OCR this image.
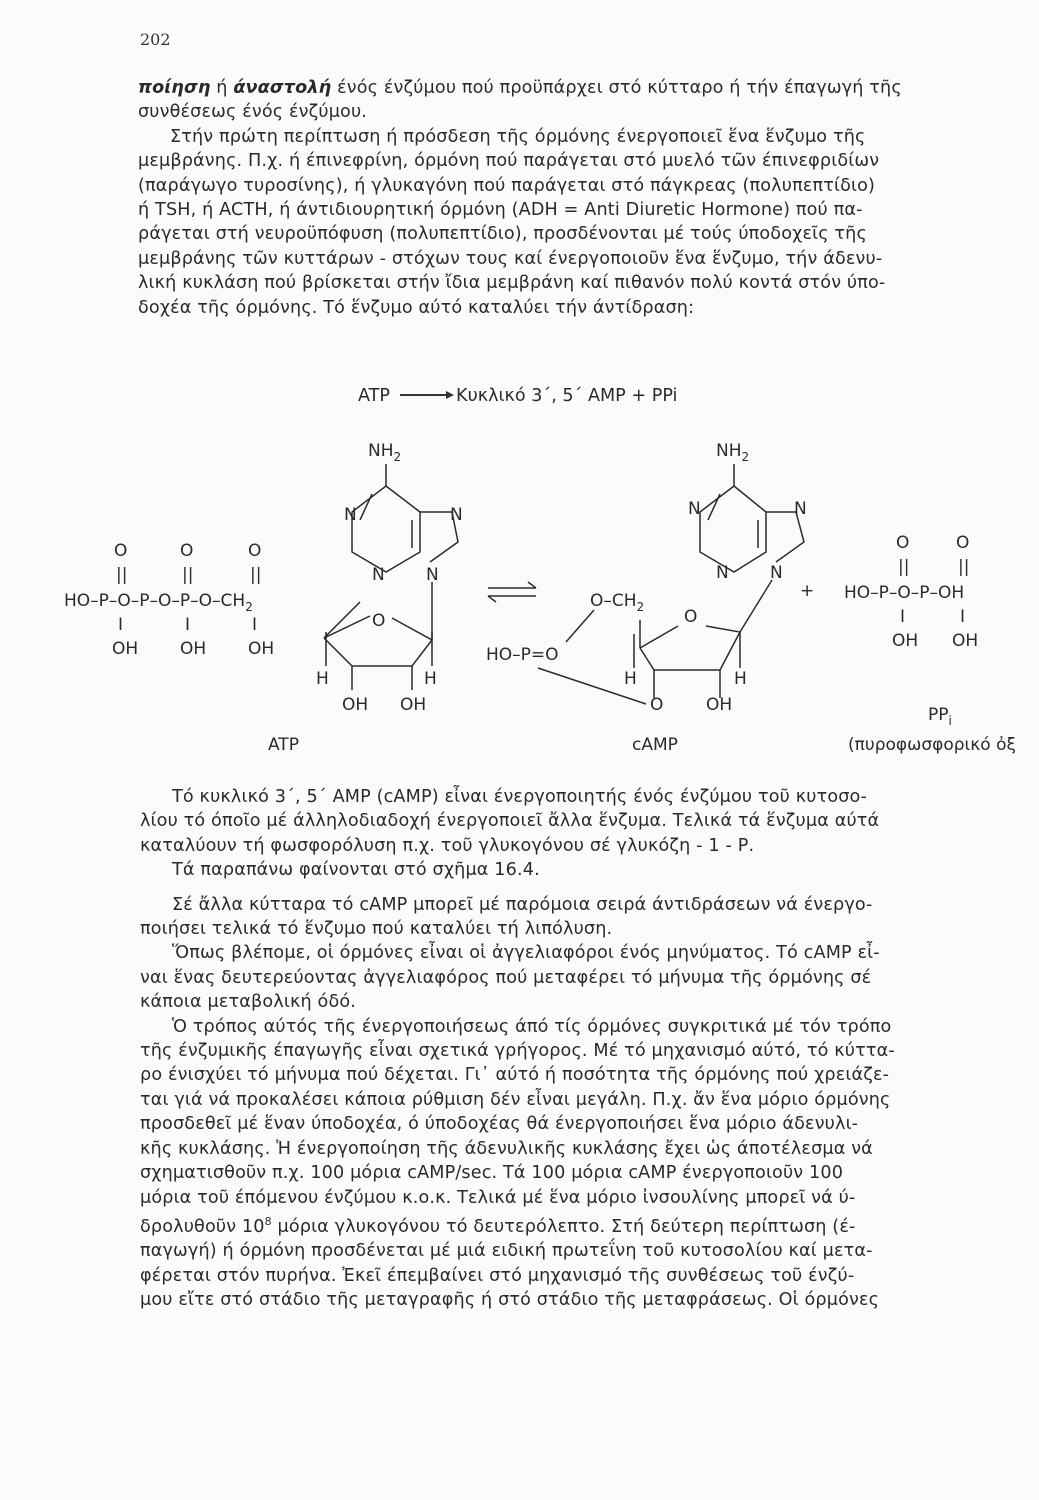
202

ποίηση ή άναστολή ένός ένζύμου πού προϋπάρχει στό κύτταρο ή τήν έπαγωγή τῆς

συνθέσεως ένός ένζύμου.

Στήν πρώτη περίπτωση ή πρόσδεση τῆς όρμόνης ένεργοποιεῖ ἕνα ἕνζυμο τῆς

μεμβράνης. Π.χ. ή έπινεφρίνη, όρμόνη πού παράγεται στό μυελό τῶν έπινεφριδίων

(παράγωγο τυροσίνης), ή γλυκαγόνη πού παράγεται στό πάγκρεας (πολυπεπτίδιο)

ή TSH, ή ACTH, ή άντιδιουρητική όρμόνη (ADH = Anti Diuretic Hormone) πού πα-

ράγεται στή νευροϋπόφυση (πολυπεπτίδιο), προσδένονται μέ τούς ύποδοχεῖς τῆς

μεμβράνης τῶν κυττάρων - στόχων τους καί ένεργοποιοῦν ἕνα ἕνζυμο, τήν άδενυ-

λική κυκλάση πού βρίσκεται στήν ἴδια μεμβράνη καί πιθανόν πολύ κοντά στόν ύπο-

δοχέα τῆς όρμόνης. Τό ἕνζυμο αύτό καταλύει τήν άντίδραση:

ATP → Κυκλικό 3΄, 5΄ AMP + PPi
$NH_2$
N	N
N N
O	O	O
||	||	||
$HO-P-O-P-O-P-O-CH_2$
I	I	I
OH OH OH
O
H	H
OH OH
ATP
$NH_2$
N	N
N N
$O-CH_2$
HO–P=O
O
H	H
O	OH
cAMP
+
O	O
||	||
HO–P–O–P–OH
I	I
OH OH
$PP_i$
(πυροφωσφορικό ὀξ

Τό κυκλικό 3΄, 5΄ AMP (cAMP) εἶναι ένεργοποιητής ένός ένζύμου τοῦ κυτοσο-

λίου τό όποῖο μέ άλληλοδιαδοχή ένεργοποιεῖ ἄλλα ἕνζυμα. Τελικά τά ἕνζυμα αύτά

καταλύουν τή φωσφορόλυση π.χ. τοῦ γλυκογόνου σέ γλυκόζη - 1 - Ρ.

Τά παραπάνω φαίνονται στό σχῆμα 16.4.

Σέ ἄλλα κύτταρα τό cAMP μπορεῖ μέ παρόμοια σειρά άντιδράσεων νά ένεργο-

ποιήσει τελικά τό ἕνζυμο πού καταλύει τή λιπόλυση.

Ὅπως βλέπομε, οἱ όρμόνες εἶναι οἱ ἀγγελιαφόροι ένός μηνύματος. Τό cAMP εἶ-

ναι ἕνας δευτερεύοντας ἀγγελιαφόρος πού μεταφέρει τό μήνυμα τῆς όρμόνης σέ

κάποια μεταβολική όδό.

Ὁ τρόπος αύτός τῆς ένεργοποιήσεως άπό τίς όρμόνες συγκριτικά μέ τόν τρόπο

τῆς ένζυμικῆς έπαγωγῆς εἶναι σχετικά γρήγορος. Μέ τό μηχανισμό αύτό, τό κύττα-

ρο ένισχύει τό μήνυμα πού δέχεται. Γι᾿ αύτό ή ποσότητα τῆς όρμόνης πού χρειάζε-

ται γιά νά προκαλέσει κάποια ρύθμιση δέν εἶναι μεγάλη. Π.χ. ἄν ἕνα μόριο όρμόνης

προσδεθεῖ μέ ἕναν ύποδοχέα, ό ύποδοχέας θά ένεργοποιήσει ἕνα μόριο άδενυλι-

κῆς κυκλάσης. Ἡ ένεργοποίηση τῆς άδενυλικῆς κυκλάσης ἔχει ὡς άποτέλεσμα νά

σχηματισθοῦν π.χ. 100 μόρια cAMP/sec. Τά 100 μόρια cAMP ένεργοποιοῦν 100

μόρια τοῦ έπόμενου ένζύμου κ.ο.κ. Τελικά μέ ἕνα μόριο ἰνσουλίνης μπορεῖ νά ύ-

δρολυθοῦν $10^8$ μόρια γλυκογόνου τό δευτερόλεπτο. Στή δεύτερη περίπτωση (έ-

παγωγή) ή όρμόνη προσδένεται μέ μιά ειδική πρωτεΐνη τοῦ κυτοσολίου καί μετα-

φέρεται στόν πυρήνα. Ἐκεῖ έπεμβαίνει στό μηχανισμό τῆς συνθέσεως τοῦ ένζύ-

μου εἴτε στό στάδιο τῆς μεταγραφῆς ή στό στάδιο τῆς μεταφράσεως. Οἱ όρμόνες
